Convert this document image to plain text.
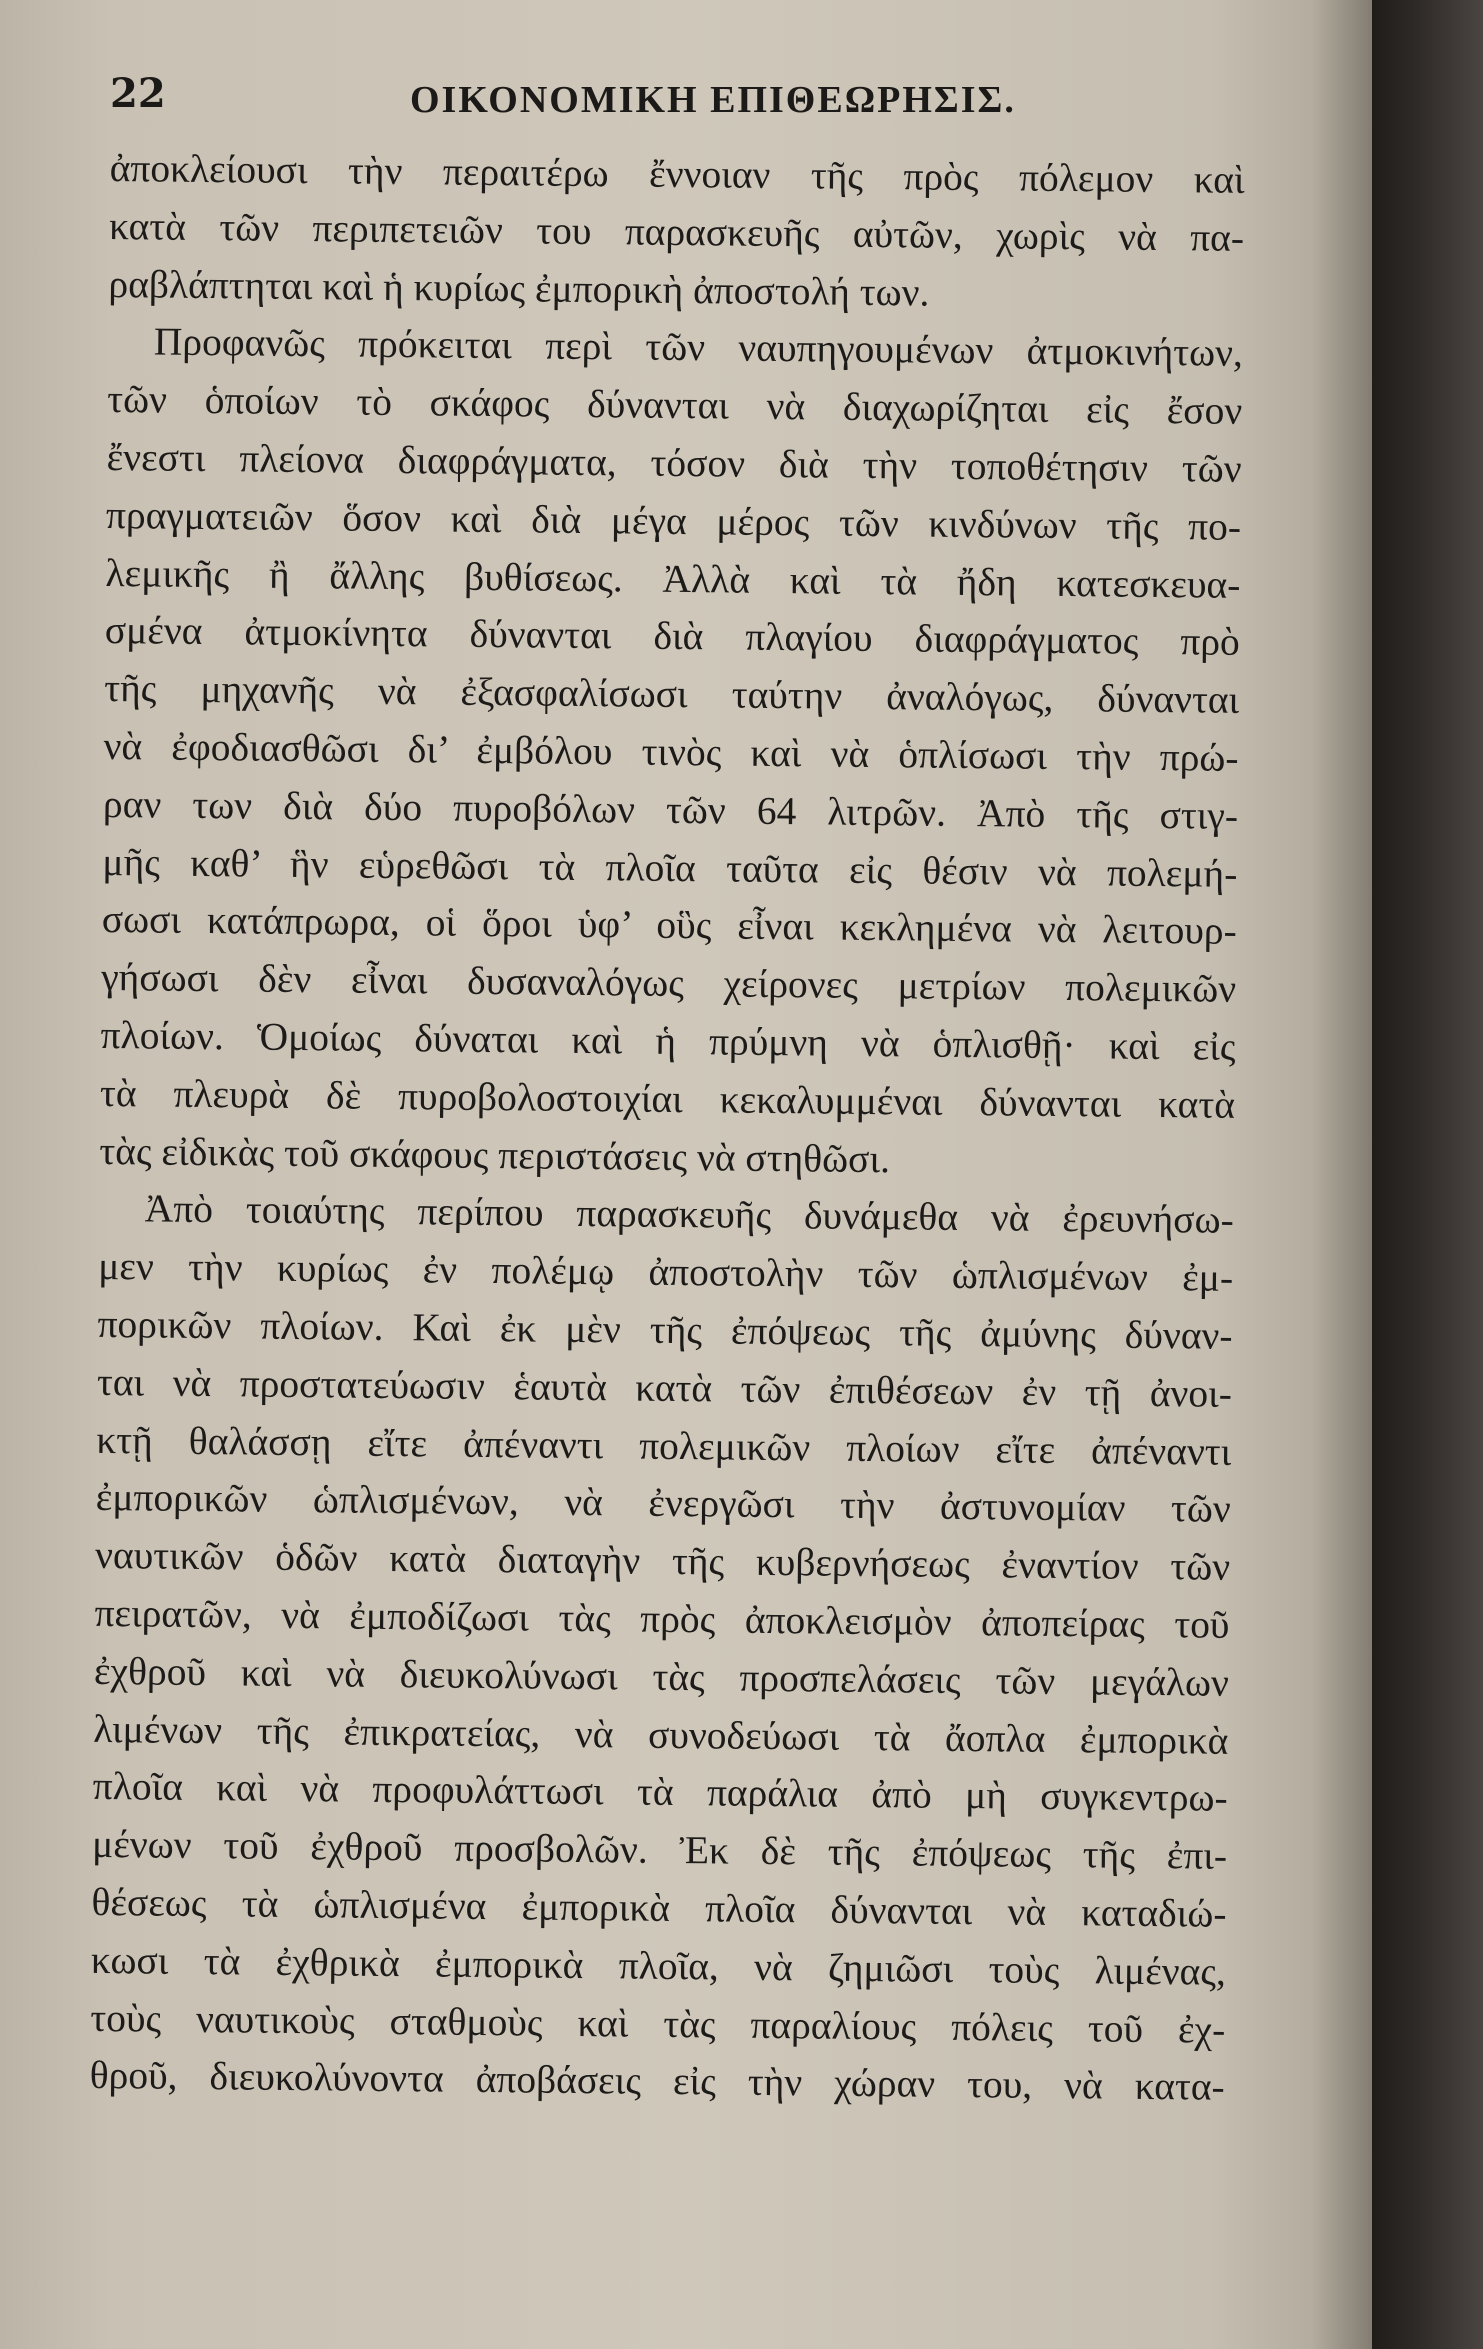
22	ΟΙΚΟΝΟΜΙΚΗ ΕΠΙΘΕΩΡΗΣΙΣ.
ἀποκλείουσι τὴν περαιτέρω ἔννοιαν τῆς πρὸς πόλεμον καὶ
κατὰ τῶν περιπετειῶν του παρασκευῆς αὐτῶν, χωρὶς νὰ πα-
ραβλάπτηται καὶ ἡ κυρίως ἐμπορικὴ ἀποστολή των.
Προφανῶς πρόκειται περὶ τῶν ναυπηγουμένων ἀτμοκινήτων,
τῶν ὁποίων τὸ σκάφος δύνανται νὰ διαχωρίζηται εἰς ἔσον
ἔνεστι πλείονα διαφράγματα, τόσον διὰ τὴν τοποθέτησιν τῶν
πραγματειῶν ὅσον καὶ διὰ μέγα μέρος τῶν κινδύνων τῆς πο-
λεμικῆς ἢ ἄλλης βυθίσεως. Ἀλλὰ καὶ τὰ ἤδη κατεσκευα-
σμένα ἀτμοκίνητα δύνανται διὰ πλαγίου διαφράγματος πρὸ
τῆς μηχανῆς νὰ ἐξασφαλίσωσι ταύτην ἀναλόγως, δύνανται
νὰ ἐφοδιασθῶσι δι’ ἐμβόλου τινὸς καὶ νὰ ὁπλίσωσι τὴν πρώ-
ραν των διὰ δύο πυροβόλων τῶν 64 λιτρῶν. Ἀπὸ τῆς στιγ-
μῆς καθ’ ἣν εὑρεθῶσι τὰ πλοῖα ταῦτα εἰς θέσιν νὰ πολεμή-
σωσι κατάπρωρα, οἱ ὅροι ὑφ’ οὓς εἶναι κεκλημένα νὰ λειτουρ-
γήσωσι δὲν εἶναι δυσαναλόγως χείρονες μετρίων πολεμικῶν
πλοίων. Ὁμοίως δύναται καὶ ἡ πρύμνη νὰ ὁπλισθῇ· καὶ εἰς
τὰ πλευρὰ δὲ πυροβολοστοιχίαι κεκαλυμμέναι δύνανται κατὰ
τὰς εἰδικὰς τοῦ σκάφους περιστάσεις νὰ στηθῶσι.
Ἀπὸ τοιαύτης περίπου παρασκευῆς δυνάμεθα νὰ ἐρευνήσω-
μεν τὴν κυρίως ἐν πολέμῳ ἀποστολὴν τῶν ὡπλισμένων ἐμ-
πορικῶν πλοίων. Καὶ ἐκ μὲν τῆς ἐπόψεως τῆς ἀμύνης δύναν-
ται νὰ προστατεύωσιν ἑαυτὰ κατὰ τῶν ἐπιθέσεων ἐν τῇ ἀνοι-
κτῇ θαλάσσῃ εἴτε ἀπέναντι πολεμικῶν πλοίων εἴτε ἀπέναντι
ἐμπορικῶν ὡπλισμένων, νὰ ἐνεργῶσι τὴν ἀστυνομίαν τῶν
ναυτικῶν ὁδῶν κατὰ διαταγὴν τῆς κυβερνήσεως ἐναντίον τῶν
πειρατῶν, νὰ ἐμποδίζωσι τὰς πρὸς ἀποκλεισμὸν ἀποπείρας τοῦ
ἐχθροῦ καὶ νὰ διευκολύνωσι τὰς προσπελάσεις τῶν μεγάλων
λιμένων τῆς ἐπικρατείας, νὰ συνοδεύωσι τὰ ἄοπλα ἐμπορικὰ
πλοῖα καὶ νὰ προφυλάττωσι τὰ παράλια ἀπὸ μὴ συγκεντρω-
μένων τοῦ ἐχθροῦ προσβολῶν. Ἐκ δὲ τῆς ἐπόψεως τῆς ἐπι-
θέσεως τὰ ὡπλισμένα ἐμπορικὰ πλοῖα δύνανται νὰ καταδιώ-
κωσι τὰ ἐχθρικὰ ἐμπορικὰ πλοῖα, νὰ ζημιῶσι τοὺς λιμένας,
τοὺς ναυτικοὺς σταθμοὺς καὶ τὰς παραλίους πόλεις τοῦ ἐχ-
θροῦ, διευκολύνοντα ἀποβάσεις εἰς τὴν χώραν του, νὰ κατα-
